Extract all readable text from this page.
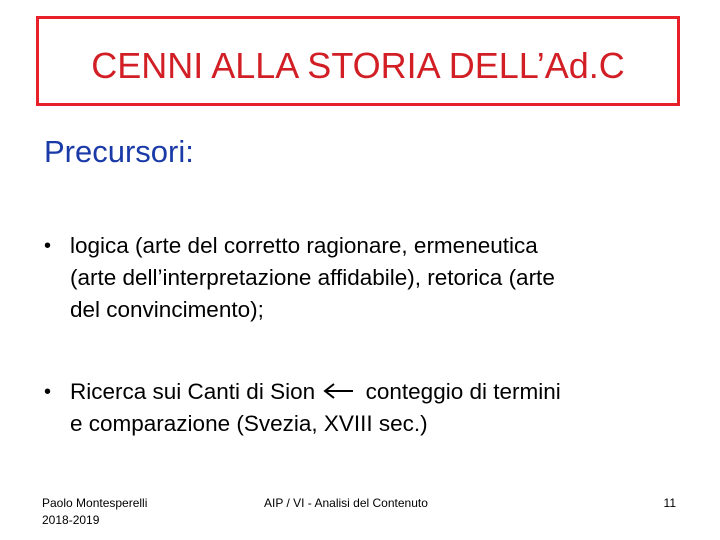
CENNI ALLA STORIA DELL’Ad.C
Precursori:
• logica (arte del corretto ragionare, ermeneutica
(arte dell’interpretazione affidabile), retorica (arte
del convincimento);
• Ricerca sui Canti di Sion conteggio di termini
e comparazione (Svezia, XVIII sec.)
Paolo Montesperelli
2018-2019
AIP / VI - Analisi del Contenuto	11
